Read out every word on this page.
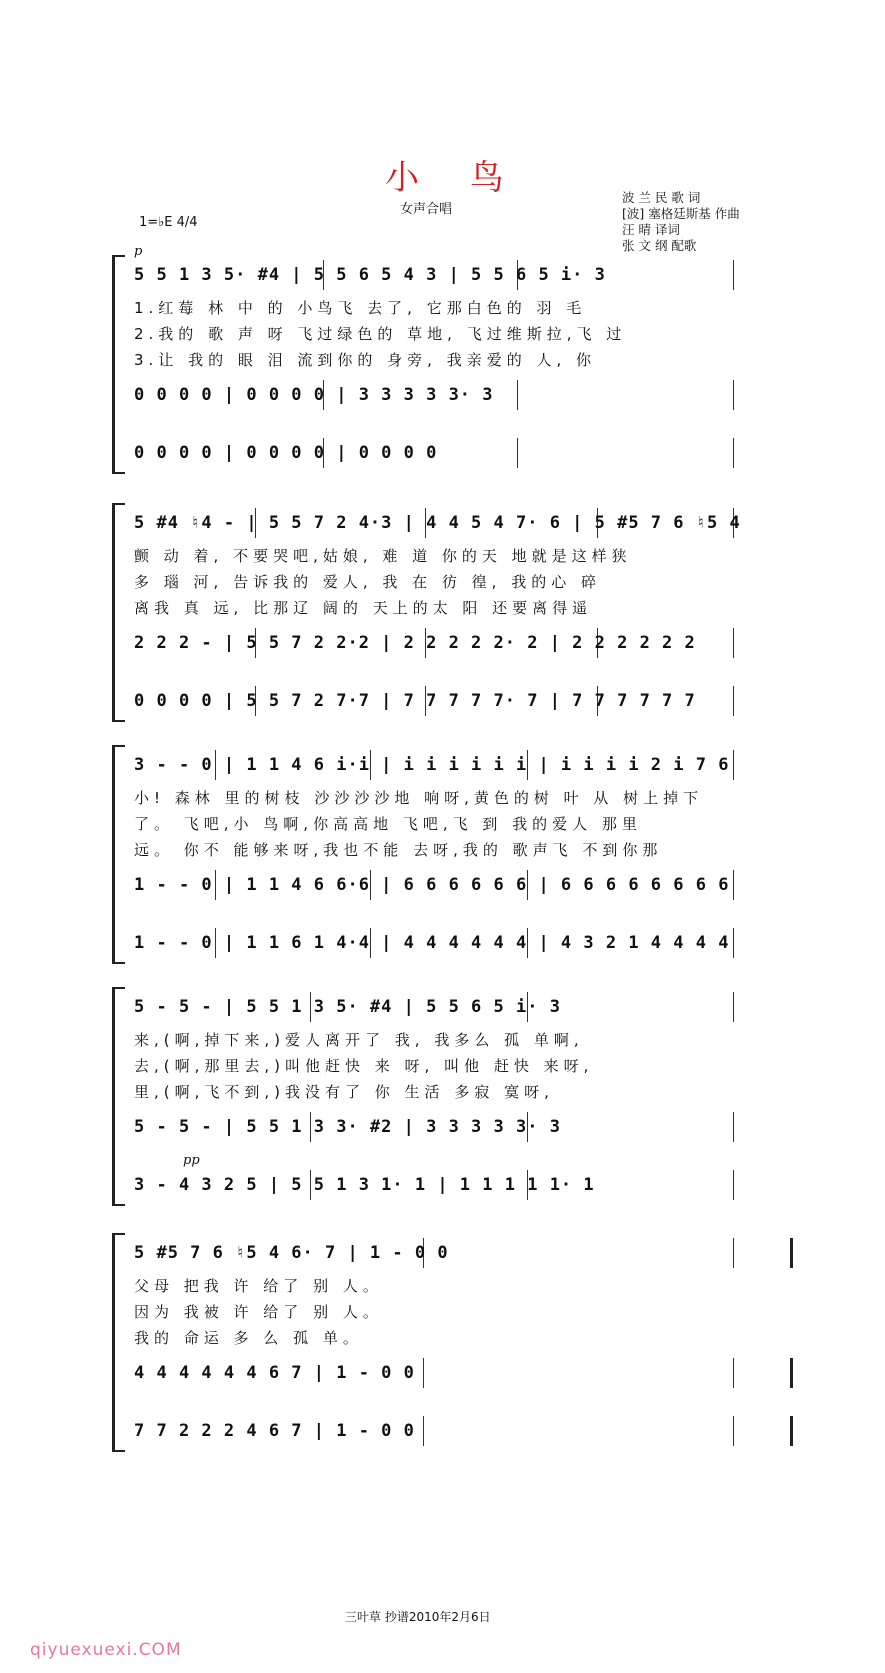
小 鸟
女声合唱
波 兰 民 歌 词
[波] 塞格廷斯基 作曲
汪 晴 译词
张 文 纲 配歌
1=♭E 4/4
p
5 5 1 3 5· #4 | 5 5 6 5 4 3 | 5 5 6 5 i· 3
1.红莓 林 中 的 小鸟飞 去了, 它那白色的 羽 毛
2.我的 歌 声 呀 飞过绿色的 草地, 飞过维斯拉,飞 过
3.让 我的 眼 泪 流到你的 身旁, 我亲爱的 人, 你
0 0 0 0 | 0 0 0 0 | 3 3 3 3 3· 3
0 0 0 0 | 0 0 0 0 | 0 0 0 0
5 #4 ♮4 - | 5 5 7 2 4·3 | 4 4 5 4 7· 6 | 5 #5 7 6 ♮5 4
颤 动 着, 不要哭吧,姑娘, 难 道 你的天 地就是这样狭
多 瑙 河, 告诉我的 爱人, 我 在 彷 徨, 我的心 碎
离我 真 远, 比那辽 阔的 天上的太 阳 还要离得遥
2 2 2 - | 5 5 7 2 2·2 | 2 2 2 2 2· 2 | 2 2 2 2 2 2
0 0 0 0 | 5 5 7 2 7·7 | 7 7 7 7 7· 7 | 7 7 7 7 7 7
3 - - 0 | 1 1 4 6 i·i | i i i i i i | i i i i 2 i 7 6
小! 森林 里的树枝 沙沙沙沙地 响呀,黄色的树 叶 从 树上掉下
了。 飞吧,小 鸟啊,你高高地 飞吧,飞 到 我的爱人 那里
远。 你不 能够来呀,我也不能 去呀,我的 歌声飞 不到你那
1 - - 0 | 1 1 4 6 6·6 | 6 6 6 6 6 6 | 6 6 6 6 6 6 6 6
1 - - 0 | 1 1 6 1 4·4 | 4 4 4 4 4 4 | 4 3 2 1 4 4 4 4
5 - 5 - | 5 5 1 3 5· #4 | 5 5 6 5 i· 3
来,(啊,掉下来,)爱人离开了 我, 我多么 孤 单啊,
去,(啊,那里去,)叫他赶快 来 呀, 叫他 赶快 来呀,
里,(啊,飞不到,)我没有了 你 生活 多寂 寞呀,
5 - 5 - | 5 5 1 3 3· #2 | 3 3 3 3 3· 3
pp
3 - 4 3 2 5 | 5 5 1 3 1· 1 | 1 1 1 1 1· 1
5 #5 7 6 ♮5 4 6· 7 | 1 - 0 0
父母 把我 许 给了 别 人。
因为 我被 许 给了 别 人。
我的 命运 多 么 孤 单。
4 4 4 4 4 4 6 7 | 1 - 0 0
7 7 2 2 2 4 6 7 | 1 - 0 0
三叶草 抄谱2010年2月6日
qiyuexuexi.COM
